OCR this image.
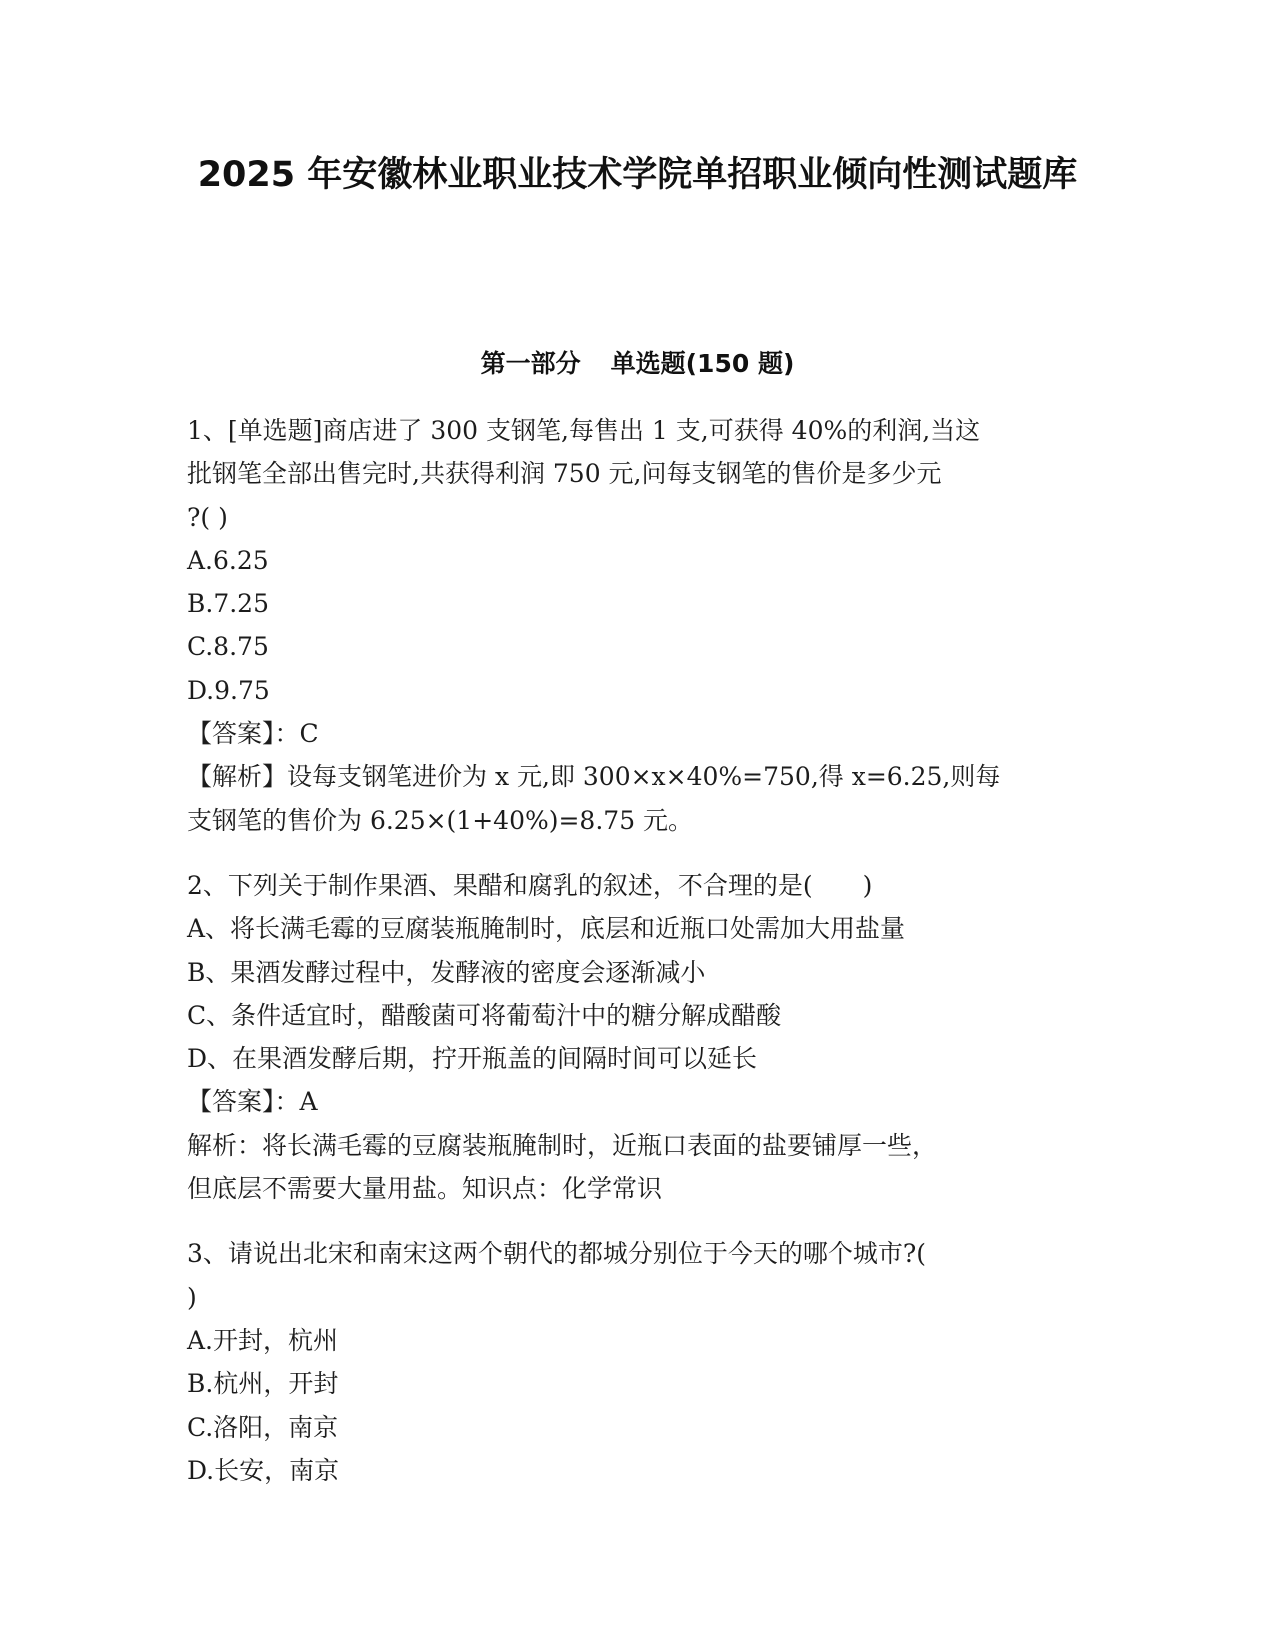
2025 年安徽林业职业技术学院单招职业倾向性测试题库
第一部分 单选题(150 题)
1、[单选题]商店进了 300 支钢笔,每售出 1 支,可获得 40%的利润,当这
批钢笔全部出售完时,共获得利润 750 元,问每支钢笔的售价是多少元
?( )
A.6.25
B.7.25
C.8.75
D.9.75
【答案】：C
【解析】设每支钢笔进价为 x 元,即 300×x×40%=750,得 x=6.25,则每
支钢笔的售价为 6.25×(1+40%)=8.75 元。
2、下列关于制作果酒、果醋和腐乳的叙述，不合理的是(　　)
A、将长满毛霉的豆腐装瓶腌制时，底层和近瓶口处需加大用盐量
B、果酒发酵过程中，发酵液的密度会逐渐减小
C、条件适宜时，醋酸菌可将葡萄汁中的糖分解成醋酸
D、在果酒发酵后期，拧开瓶盖的间隔时间可以延长
【答案】：A
解析：将长满毛霉的豆腐装瓶腌制时，近瓶口表面的盐要铺厚一些，
但底层不需要大量用盐。知识点：化学常识
3、请说出北宋和南宋这两个朝代的都城分别位于今天的哪个城市?(
)
A.开封，杭州
B.杭州，开封
C.洛阳，南京
D.长安，南京
